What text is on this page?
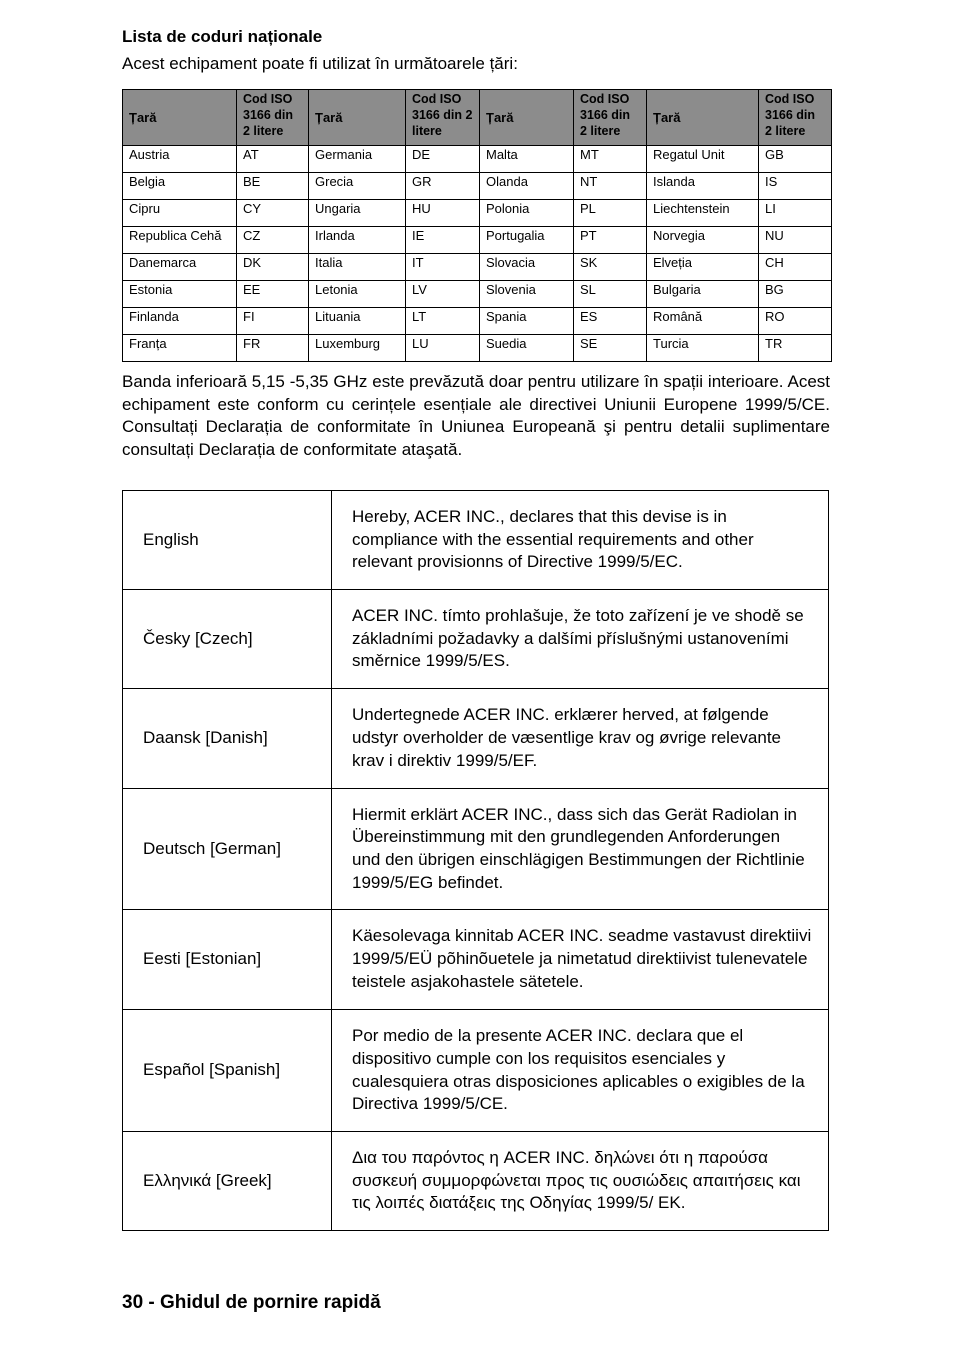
Lista de coduri naționale
Acest echipament poate fi utilizat în următoarele țări:
Țară	Cod ISO 3166 din 2 litere	Țară	Cod ISO 3166 din 2 litere	Țară	Cod ISO 3166 din 2 litere	Țară	Cod ISO 3166 din 2 litere
Austria	AT	Germania	DE	Malta	MT	Regatul Unit	GB
Belgia	BE	Grecia	GR	Olanda	NT	Islanda	IS
Cipru	CY	Ungaria	HU	Polonia	PL	Liechtenstein	LI
Republica Cehă	CZ	Irlanda	IE	Portugalia	PT	Norvegia	NU
Danemarca	DK	Italia	IT	Slovacia	SK	Elveția	CH
Estonia	EE	Letonia	LV	Slovenia	SL	Bulgaria	BG
Finlanda	FI	Lituania	LT	Spania	ES	Română	RO
Franța	FR	Luxemburg	LU	Suedia	SE	Turcia	TR
Banda inferioară 5,15 -5,35 GHz este prevăzută doar pentru utilizare în spații interioare. Acest echipament este conform cu cerințele esențiale ale directivei Uniunii Europene 1999/5/CE. Consultați Declarația de conformitate în Uniunea Europeană şi pentru detalii suplimentare consultați Declarația de conformitate ataşată.
English	Hereby, ACER INC., declares that this devise is in compliance with the essential requirements and other relevant provisionns of Directive 1999/5/EC.
Česky [Czech]	ACER INC. tímto prohlašuje, že toto zařízení je ve shodě se základními požadavky a dalšími příslušnými ustanoveními směrnice 1999/5/ES.
Daansk [Danish]	Undertegnede ACER INC. erklærer herved, at følgende udstyr overholder de væsentlige krav og øvrige relevante krav i direktiv 1999/5/EF.
Deutsch [German]	Hiermit erklärt ACER INC., dass sich das Gerät Radiolan in Übereinstimmung mit den grundlegenden Anforderungen und den übrigen einschlägigen Bestimmungen der Richtlinie 1999/5/EG befindet.
Eesti [Estonian]	Käesolevaga kinnitab ACER INC. seadme vastavust direktiivi 1999/5/EÜ põhinõuetele ja nimetatud direktiivist tulenevatele teistele asjakohastele sätetele.
Español [Spanish]	Por medio de la presente ACER INC. declara que el dispositivo cumple con los requisitos esenciales y cualesquiera otras disposiciones aplicables o exigibles de la Directiva 1999/5/CE.
Ελληνικά [Greek]	Δια του παρόντος η ACER INC. δηλώνει ότι η παρούσα συσκευή συμμορφώνεται προς τις ουσιώδεις απαιτήσεις και τις λοιπές διατάξεις της Οδηγίας 1999/5/ ΕΚ.
30 - Ghidul de pornire rapidă
